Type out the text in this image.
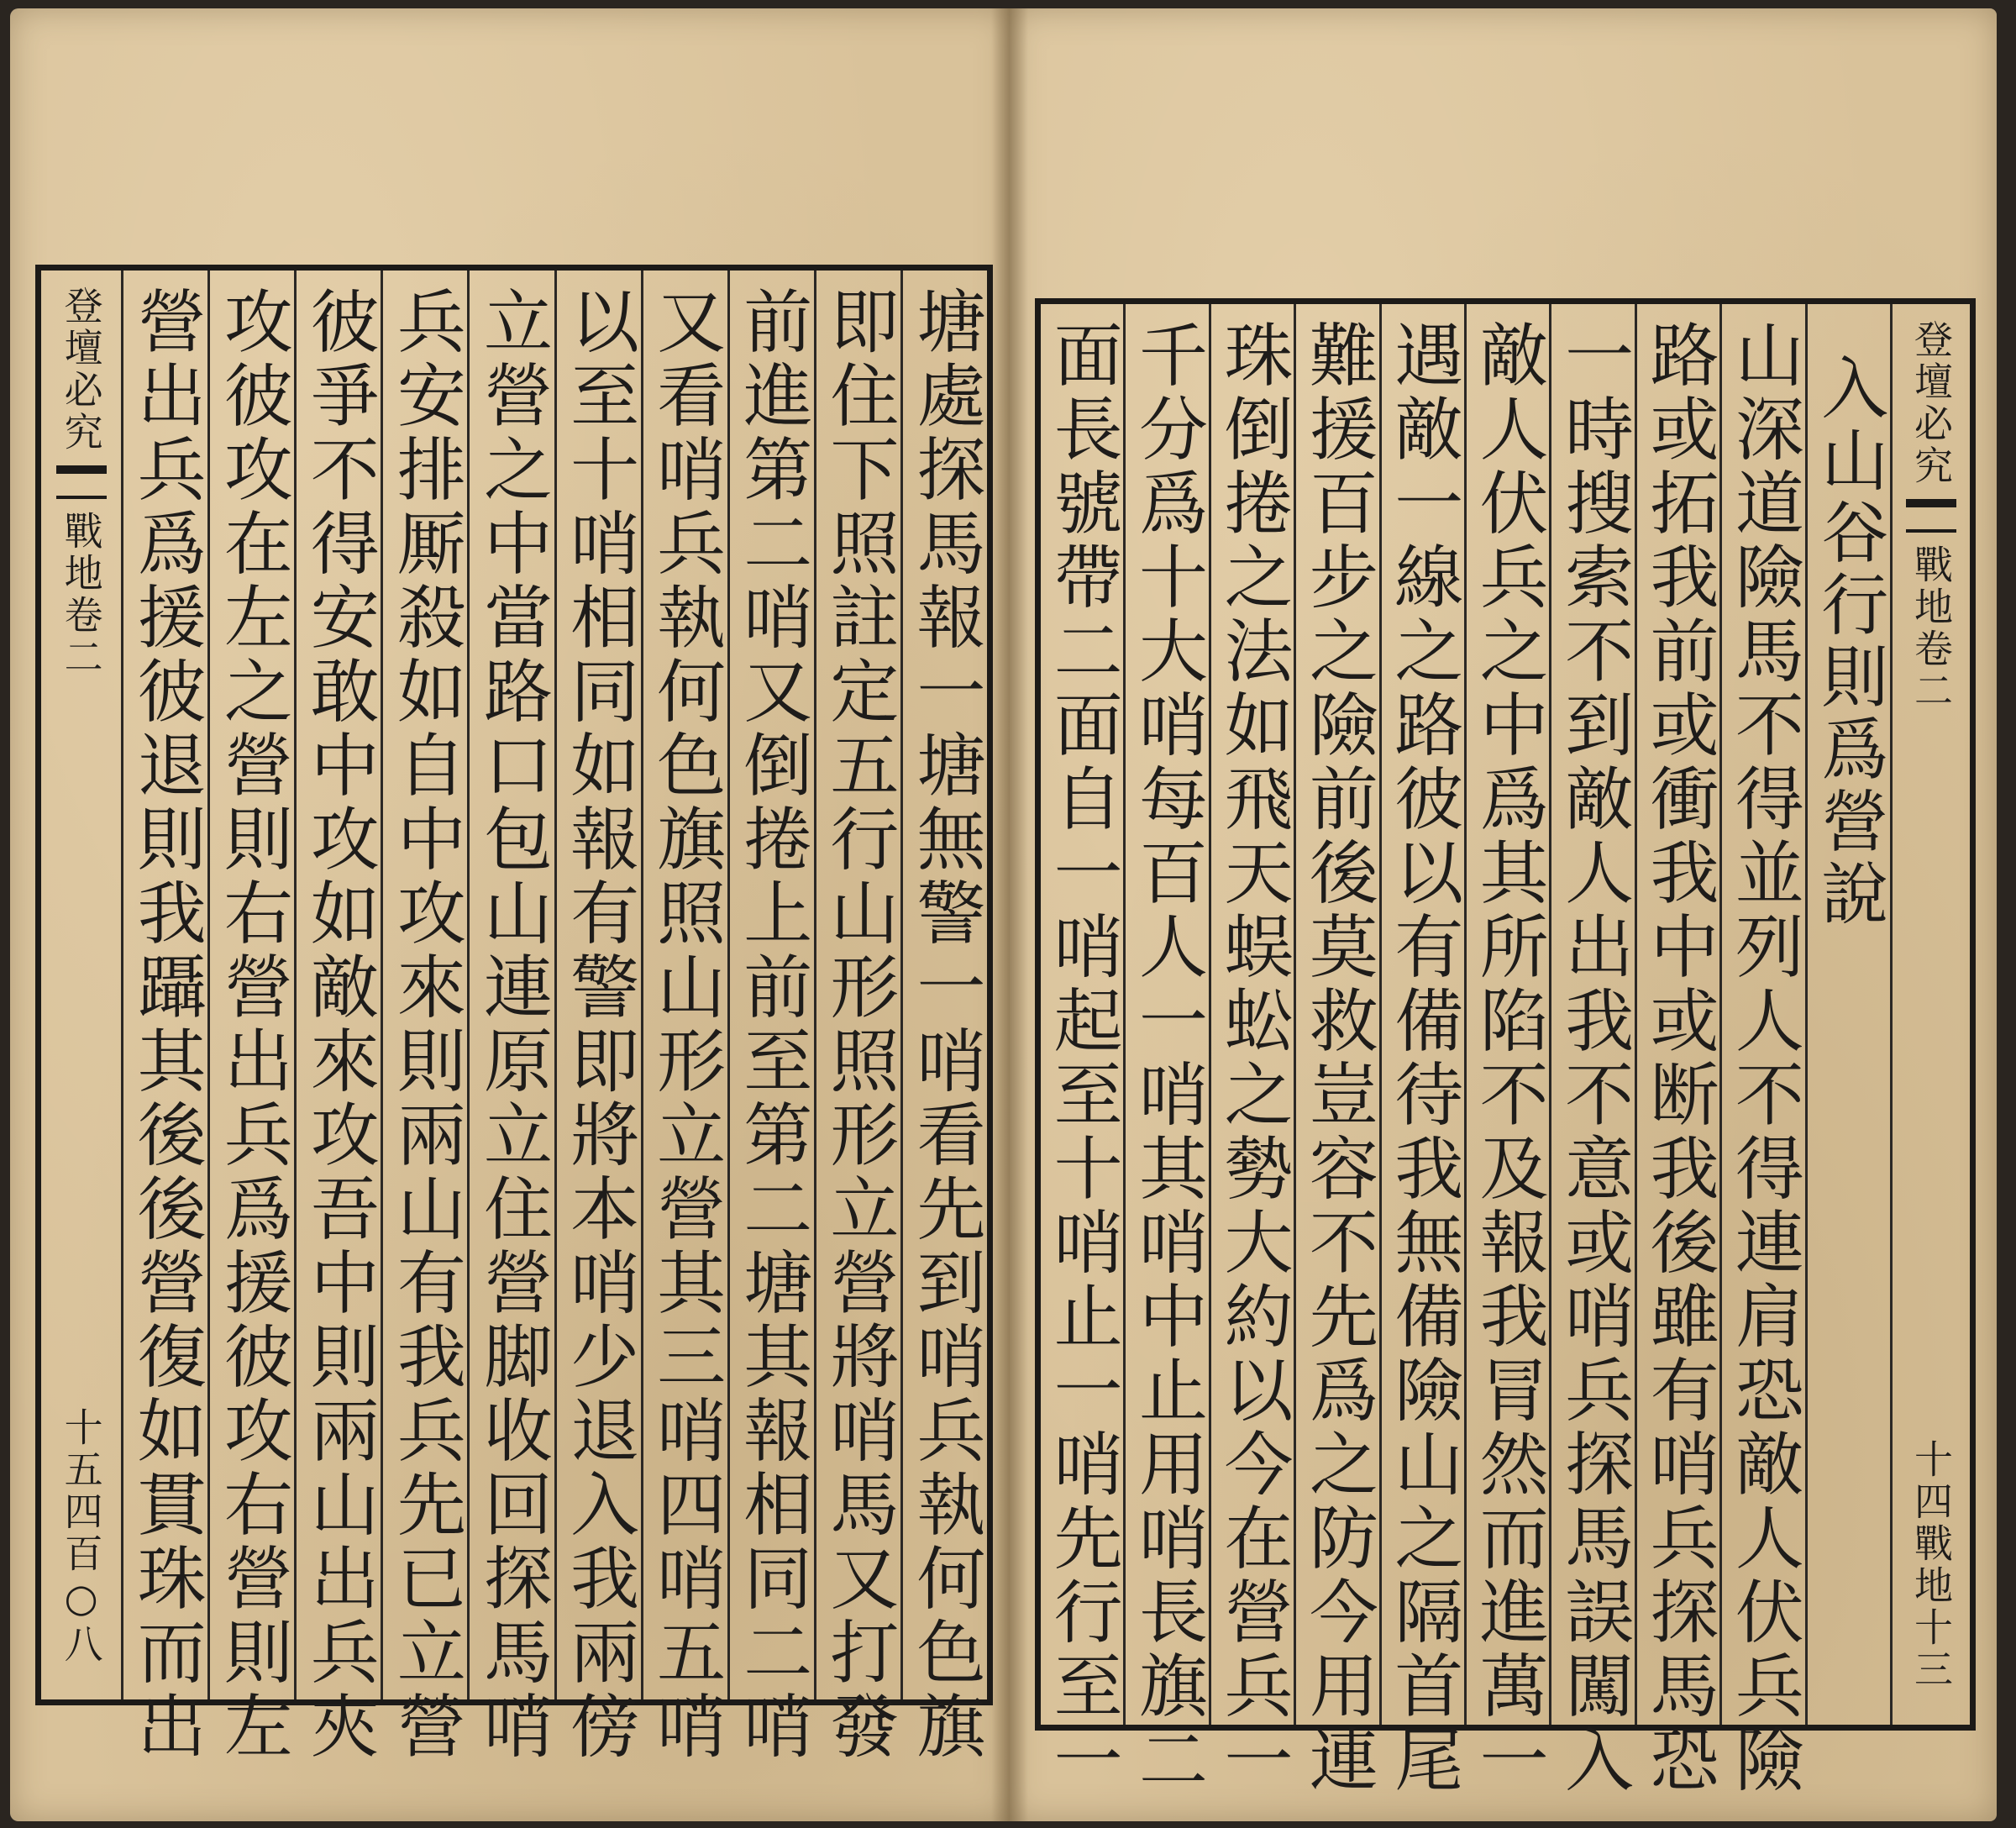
塘處探馬報一塘無警一哨看先到哨兵執何色旗
即住下照註定五行山形照形立營將哨馬又打發
前進第二哨又倒捲上前至第二塘其報相同二哨
又看哨兵執何色旗照山形立營其三哨四哨五哨
以至十哨相同如報有警即將本哨少退入我兩傍
立營之中當路口包山連原立住營脚收回探馬哨
兵安排厮殺如自中攻來則兩山有我兵先已立營
彼爭不得安敢中攻如敵來攻吾中則兩山出兵夾
攻彼攻在左之營則右營出兵爲援彼攻右營則左
營出兵爲援彼退則我躡其後後營復如貫珠而出
登壇必究
戰地卷二
十五
四百○八
登壇必究
戰地卷二
十四
戰地十三
入山谷行則爲營說
山深道險馬不得並列人不得連肩恐敵人伏兵險
路或拓我前或衝我中或断我後雖有哨兵探馬恐
一時搜索不到敵人出我不意或哨兵探馬誤闖入
敵人伏兵之中爲其所陷不及報我冐然而進萬一
遇敵一線之路彼以有備待我無備險山之隔首尾
難援百步之險前後莫救豈容不先爲之防今用連
珠倒捲之法如飛天蜈蚣之勢大約以今在營兵一
千分爲十大哨每百人一哨其哨中止用哨長旗二
面長號帶二面自一哨起至十哨止一哨先行至一
